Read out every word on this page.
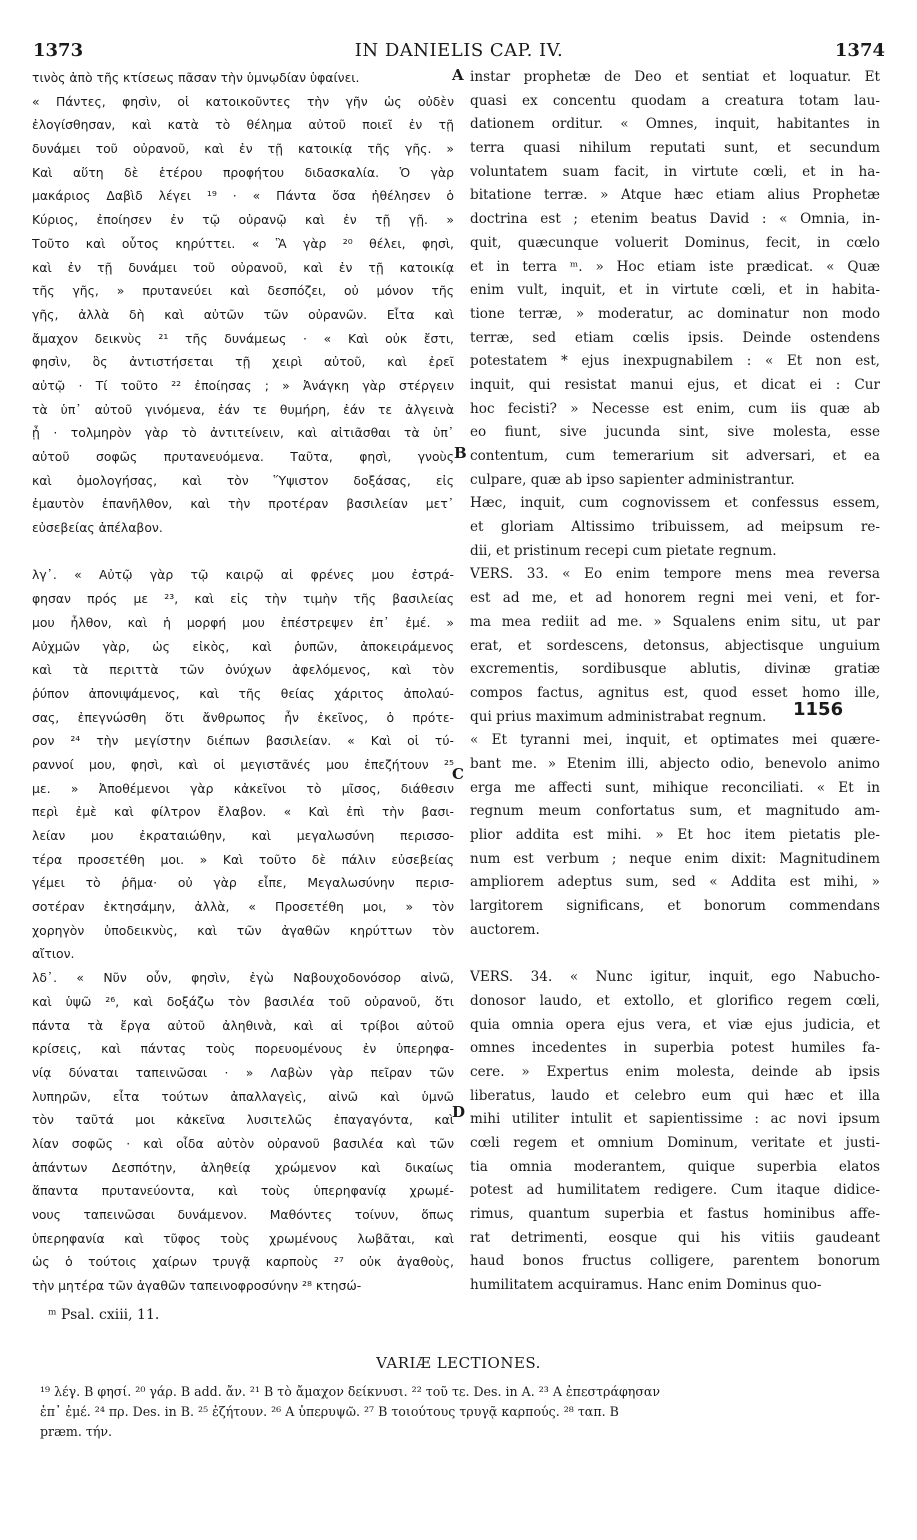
1373	IN DANIELIS CAP. IV.	1374
τινὸς ἀπὸ τῆς κτίσεως πᾶσαν τὴν ὑμνῳδίαν ὑφαίνει.
« Πάντες, φησὶν, οἱ κατοικοῦντες τὴν γῆν ὡς οὐδὲν
ἐλογίσθησαν, καὶ κατὰ τὸ θέλημα αὐτοῦ ποιεῖ ἐν τῇ
δυνάμει τοῦ οὐρανοῦ, καὶ ἐν τῇ κατοικίᾳ τῆς γῆς. »
Καὶ αὕτη δὲ ἑτέρου προφήτου διδασκαλία. Ὁ γὰρ
μακάριος Δαβὶδ λέγει ¹⁹ · « Πάντα ὅσα ἠθέλησεν ὁ
Κύριος, ἐποίησεν ἐν τῷ οὐρανῷ καὶ ἐν τῇ γῇ. »
Τοῦτο καὶ οὗτος κηρύττει. « Ἃ γὰρ ²⁰ θέλει, φησὶ,
καὶ ἐν τῇ δυνάμει τοῦ οὐρανοῦ, καὶ ἐν τῇ κατοικίᾳ
τῆς γῆς, » πρυτανεύει καὶ δεσπόζει, οὐ μόνον τῆς
γῆς, ἀλλὰ δὴ καὶ αὐτῶν τῶν οὐρανῶν. Εἶτα καὶ
ἄμαχον δεικνὺς ²¹ τῆς δυνάμεως · « Καὶ οὐκ ἔστι,
φησὶν, ὃς ἀντιστήσεται τῇ χειρὶ αὐτοῦ, καὶ ἐρεῖ
αὐτῷ · Τί τοῦτο ²² ἐποίησας ; » Ἀνάγκη γὰρ στέργειν
τὰ ὑπ᾽ αὐτοῦ γινόμενα, ἐάν τε θυμήρη, ἐάν τε ἀλγεινὰ
ᾖ · τολμηρὸν γὰρ τὸ ἀντιτείνειν, καὶ αἰτιᾶσθαι τὰ ὑπ᾽
αὐτοῦ σοφῶς πρυτανευόμενα. Ταῦτα, φησὶ, γνοὺς
καὶ ὁμολογήσας, καὶ τὸν Ὕψιστον δοξάσας, εἰς
ἐμαυτὸν ἐπανῆλθον, καὶ τὴν προτέραν βασιλείαν μετ᾽
εὐσεβείας ἀπέλαβον.
λγ᾽. « Αὐτῷ γὰρ τῷ καιρῷ αἱ φρένες μου ἐστρά-
φησαν πρός με ²³, καὶ εἰς τὴν τιμὴν τῆς βασιλείας
μου ἦλθον, καὶ ἡ μορφή μου ἐπέστρεψεν ἐπ᾽ ἐμέ. »
Αὐχμῶν γὰρ, ὡς εἰκὸς, καὶ ῥυπῶν, ἀποκειράμενος
καὶ τὰ περιττὰ τῶν ὀνύχων ἀφελόμενος, καὶ τὸν
ῥύπον ἀπονιψάμενος, καὶ τῆς θείας χάριτος ἀπολαύ-
σας, ἐπεγνώσθη ὅτι ἄνθρωπος ἦν ἐκεῖνος, ὁ πρότε-
ρον ²⁴ τὴν μεγίστην διέπων βασιλείαν. « Καὶ οἱ τύ-
ραννοί μου, φησὶ, καὶ οἱ μεγιστᾶνές μου ἐπεζήτουν ²⁵
με. » Ἀποθέμενοι γὰρ κἀκεῖνοι τὸ μῖσος, διάθεσιν
περὶ ἐμὲ καὶ φίλτρον ἔλαβον. « Καὶ ἐπὶ τὴν βασι-
λείαν μου ἐκραταιώθην, καὶ μεγαλωσύνη περισσο-
τέρα προσετέθη μοι. » Καὶ τοῦτο δὲ πάλιν εὐσεβείας
γέμει τὸ ῥῆμα· οὐ γὰρ εἶπε, Μεγαλωσύνην περισ-
σοτέραν ἐκτησάμην, ἀλλὰ, « Προσετέθη μοι, » τὸν
χορηγὸν ὑποδεικνὺς, καὶ τῶν ἀγαθῶν κηρύττων τὸν
αἴτιον.
λδ᾽. « Νῦν οὖν, φησὶν, ἐγὼ Ναβουχοδονόσορ αἰνῶ,
καὶ ὑψῶ ²⁶, καὶ δοξάζω τὸν βασιλέα τοῦ οὐρανοῦ, ὅτι
πάντα τὰ ἔργα αὐτοῦ ἀληθινὰ, καὶ αἱ τρίβοι αὐτοῦ
κρίσεις, καὶ πάντας τοὺς πορευομένους ἐν ὑπερηφα-
νίᾳ δύναται ταπεινῶσαι · » Λαβὼν γὰρ πεῖραν τῶν
λυπηρῶν, εἶτα τούτων ἀπαλλαγεὶς, αἰνῶ καὶ ὑμνῶ
τὸν ταῦτά μοι κἀκεῖνα λυσιτελῶς ἐπαγαγόντα, καὶ
λίαν σοφῶς · καὶ οἶδα αὐτὸν οὐρανοῦ βασιλέα καὶ τῶν
ἁπάντων Δεσπότην, ἀληθείᾳ χρώμενον καὶ δικαίως
ἅπαντα πρυτανεύοντα, καὶ τοὺς ὑπερηφανίᾳ χρωμέ-
νους ταπεινῶσαι δυνάμενον. Μαθόντες τοίνυν, ὅπως
ὑπερηφανία καὶ τῦφος τοὺς χρωμένους λωβᾶται, καὶ
ὡς ὁ τούτοις χαίρων τρυγᾷ καρποὺς ²⁷ οὐκ ἀγαθοὺς,
τὴν μητέρα τῶν ἀγαθῶν ταπεινοφροσύνην ²⁸ κτησώ-
instar prophetæ de Deo et sentiat et loquatur. Et
quasi ex concentu quodam a creatura totam lau-
dationem orditur. « Omnes, inquit, habitantes in
terra quasi nihilum reputati sunt, et secundum
voluntatem suam facit, in virtute cœli, et in ha-
bitatione terræ. » Atque hæc etiam alius Prophetæ
doctrina est ; etenim beatus David : « Omnia, in-
quit, quæcunque voluerit Dominus, fecit, in cœlo
et in terra ᵐ. » Hoc etiam iste prædicat. « Quæ
enim vult, inquit, et in virtute cœli, et in habita-
tione terræ, » moderatur, ac dominatur non modo
terræ, sed etiam cœlis ipsis. Deinde ostendens
potestatem * ejus inexpugnabilem : « Et non est,
inquit, qui resistat manui ejus, et dicat ei : Cur
hoc fecisti? » Necesse est enim, cum iis quæ ab
eo fiunt, sive jucunda sint, sive molesta, esse
contentum, cum temerarium sit adversari, et ea
culpare, quæ ab ipso sapienter administrantur.
Hæc, inquit, cum cognovissem et confessus essem,
et gloriam Altissimo tribuissem, ad meipsum re-
dii, et pristinum recepi cum pietate regnum.
VERS. 33. « Eo enim tempore mens mea reversa
est ad me, et ad honorem regni mei veni, et for-
ma mea rediit ad me. » Squalens enim situ, ut par
erat, et sordescens, detonsus, abjectisque unguium
excrementis, sordibusque ablutis, divinæ gratiæ
compos factus, agnitus est, quod esset homo ille,
qui prius maximum administrabat regnum.
« Et tyranni mei, inquit, et optimates mei quære-
bant me. » Etenim illi, abjecto odio, benevolo animo
erga me affecti sunt, mihique reconciliati. « Et in
regnum meum confortatus sum, et magnitudo am-
plior addita est mihi. » Et hoc item pietatis ple-
num est verbum ; neque enim dixit: Magnitudinem
ampliorem adeptus sum, sed « Addita est mihi, »
largitorem significans, et bonorum commendans
auctorem.
VERS. 34. « Nunc igitur, inquit, ego Nabucho-
donosor laudo, et extollo, et glorifico regem cœli,
quia omnia opera ejus vera, et viæ ejus judicia, et
omnes incedentes in superbia potest humiles fa-
cere. » Expertus enim molesta, deinde ab ipsis
liberatus, laudo et celebro eum qui hæc et illa
mihi utiliter intulit et sapientissime : ac novi ipsum
cœli regem et omnium Dominum, veritate et justi-
tia omnia moderantem, quique superbia elatos
potest ad humilitatem redigere. Cum itaque didice-
rimus, quantum superbia et fastus hominibus affe-
rat detrimenti, eosque qui his vitiis gaudeant
haud bonos fructus colligere, parentem bonorum
humilitatem acquiramus. Hanc enim Dominus quo-
A
B
C
D
1156
ᵐ Psal. cxiii, 11.
VARIÆ LECTIONES.
¹⁹ λέγ. B φησί. ²⁰ γάρ. B add. ἄν. ²¹ B τὸ ἄμαχον δείκνυσι. ²² τοῦ τε. Des. in A. ²³ A ἐπεστράφησαν
ἐπ᾽ ἐμέ. ²⁴ πρ. Des. in B. ²⁵ ἐζήτουν. ²⁶ A ὑπερυψῶ. ²⁷ B τοιούτους τρυγᾷ καρπούς. ²⁸ ταπ. B
præm. τήν.
